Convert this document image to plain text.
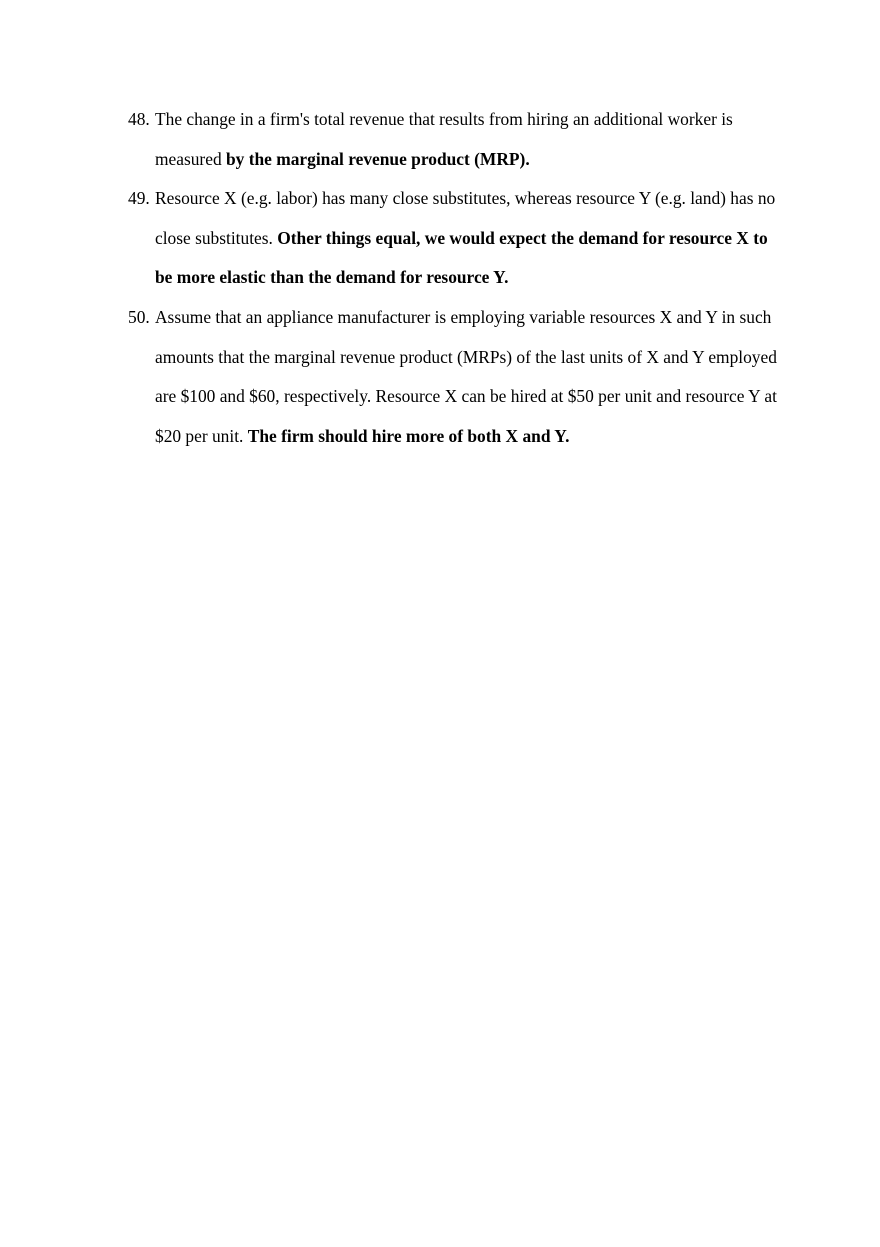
48. The change in a firm's total revenue that results from hiring an additional worker is measured by the marginal revenue product (MRP).
49. Resource X (e.g. labor) has many close substitutes, whereas resource Y (e.g. land) has no close substitutes. Other things equal, we would expect the demand for resource X to be more elastic than the demand for resource Y.
50. Assume that an appliance manufacturer is employing variable resources X and Y in such amounts that the marginal revenue product (MRPs) of the last units of X and Y employed are $100 and $60, respectively. Resource X can be hired at $50 per unit and resource Y at $20 per unit. The firm should hire more of both X and Y.
